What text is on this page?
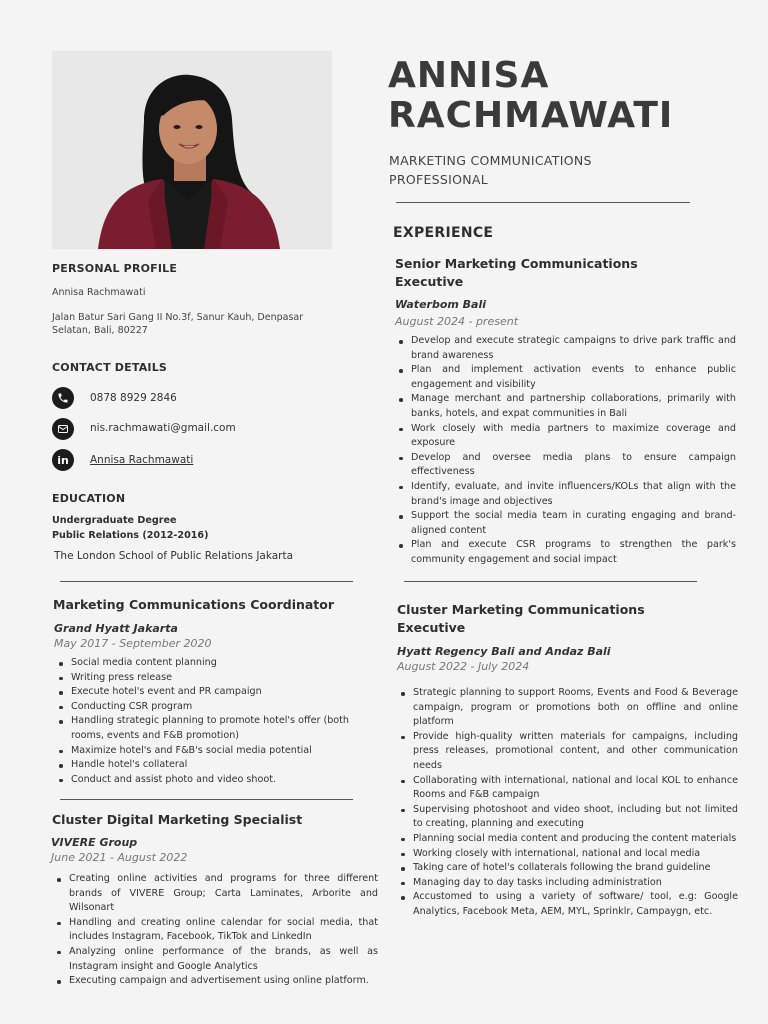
ANNISA
RACHMAWATI
MARKETING COMMUNICATIONS
PROFESSIONAL
PERSONAL PROFILE
Annisa Rachmawati
Jalan Batur Sari Gang II No.3f, Sanur Kauh, Denpasar Selatan, Bali, 80227
CONTACT DETAILS
0878 8929 2846
nis.rachmawati@gmail.com
in Annisa Rachmawati
EDUCATION
Undergraduate Degree
Public Relations (2012-2016)
The London School of Public Relations Jakarta
Marketing Communications Coordinator
Grand Hyatt Jakarta
May 2017 - September 2020
Social media content planning
Writing press release
Execute hotel's event and PR campaign
Conducting CSR program
Handling strategic planning to promote hotel's offer (both rooms, events and F&B promotion)
Maximize hotel's and F&B's social media potential
Handle hotel's collateral
Conduct and assist photo and video shoot.
Cluster Digital Marketing Specialist
VIVERE Group
June 2021 - August 2022
Creating online activities and programs for three different brands of VIVERE Group; Carta Laminates, Arborite and Wilsonart
Handling and creating online calendar for social media, that includes Instagram, Facebook, TikTok and LinkedIn
Analyzing online performance of the brands, as well as Instagram insight and Google Analytics
Executing campaign and advertisement using online platform.
EXPERIENCE
Senior Marketing Communications Executive
Waterbom Bali
August 2024 - present
Develop and execute strategic campaigns to drive park traffic and brand awareness
Plan and implement activation events to enhance public engagement and visibility
Manage merchant and partnership collaborations, primarily with banks, hotels, and expat communities in Bali
Work closely with media partners to maximize coverage and exposure
Develop and oversee media plans to ensure campaign effectiveness
Identify, evaluate, and invite influencers/KOLs that align with the brand's image and objectives
Support the social media team in curating engaging and brand-aligned content
Plan and execute CSR programs to strengthen the park's community engagement and social impact
Cluster Marketing Communications Executive
Hyatt Regency Bali and Andaz Bali
August 2022 - July 2024
Strategic planning to support Rooms, Events and Food & Beverage campaign, program or promotions both on offline and online platform
Provide high-quality written materials for campaigns, including press releases, promotional content, and other communication needs
Collaborating with international, national and local KOL to enhance Rooms and F&B campaign
Supervising photoshoot and video shoot, including but not limited to creating, planning and executing
Planning social media content and producing the content materials
Working closely with international, national and local media
Taking care of hotel's collaterals following the brand guideline
Managing day to day tasks including administration
Accustomed to using a variety of software/ tool, e.g: Google Analytics, Facebook Meta, AEM, MYL, Sprinklr, Campaygn, etc.
